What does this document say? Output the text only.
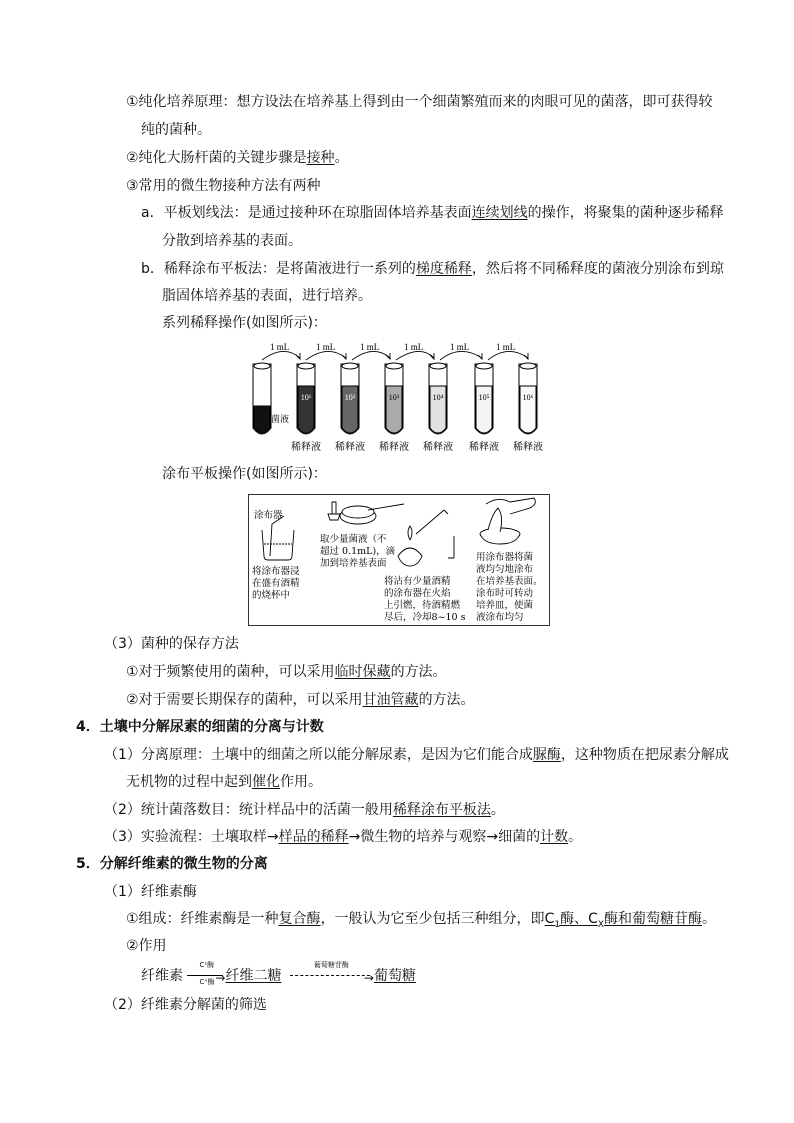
①纯化培养原理：想方设法在培养基上得到由一个细菌繁殖而来的肉眼可见的菌落，即可获得较
纯的菌种。
②纯化大肠杆菌的关键步骤是接种。
③常用的微生物接种方法有两种
a．平板划线法：是通过接种环在琼脂固体培养基表面连续划线的操作，将聚集的菌种逐步稀释
分散到培养基的表面。
b．稀释涂布平板法：是将菌液进行一系列的梯度稀释，然后将不同稀释度的菌液分别涂布到琼
脂固体培养基的表面，进行培养。
系列稀释操作(如图所示)：
1 mL	1 mL	1 mL	1 mL	1 mL	1 mL
10¹	10²	10³	10⁴	10⁵	10⁶
菌液
稀释液 稀释液 稀释液 稀释液 稀释液 稀释液
涂布平板操作(如图所示)：
涂布器
将涂布器浸
在盛有酒精
的烧杯中
取少量菌液（不
超过 0.1mL)，滴
加到培养基表面
将沾有少量酒精
的涂布器在火焰
上引燃，待酒精燃
尽后，冷却8~10 s
用涂布器将菌
液均匀地涂布
在培养基表面。
涂布时可转动
培养皿，使菌
液涂布均匀
（3）菌种的保存方法
①对于频繁使用的菌种，可以采用临时保藏的方法。
②对于需要长期保存的菌种，可以采用甘油管藏的方法。
4．土壤中分解尿素的细菌的分离与计数
（1）分离原理：土壤中的细菌之所以能分解尿素，是因为它们能合成脲酶，这种物质在把尿素分解成
无机物的过程中起到催化作用。
（2）统计菌落数目：统计样品中的活菌一般用稀释涂布平板法。
（3）实验流程：土壤取样→样品的稀释→微生物的培养与观察→细菌的计数。
5．分解纤维素的微生物的分离
（1）纤维素酶
①组成：纤维素酶是一种复合酶，一般认为它至少包括三种组分，即$C_1$酶、$C_X$酶和葡萄糖苷酶。
②作用
纤维素
C¹酶
→
Cˣ酶 纤维二糖
葡萄糖苷酶
→ 葡萄糖
（2）纤维素分解菌的筛选
